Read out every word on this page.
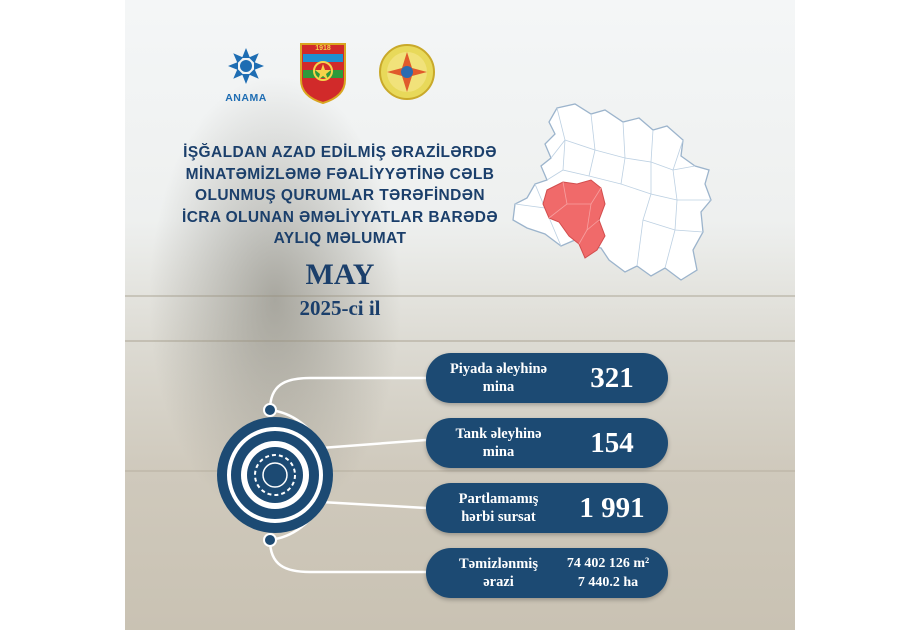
ANAMA
1918
İŞĞALDAN AZAD EDİLMİŞ ƏRAZİLƏRDƏ
MİNATƏMİZLƏMƏ FƏALİYYƏTİNƏ CƏLB
OLUNMUŞ QURUMLAR TƏRƏFİNDƏN
İCRA OLUNAN ƏMƏLİYYATLAR BARƏDƏ
AYLIQ MƏLUMAT
MAY
2025-ci il
Piyada əleyhinə
mina	321
Tank əleyhinə
mina	154
Partlamamış
hərbi sursat	1 991
Təmizlənmiş
ərazi
74 402 126 m²
7 440.2 ha
